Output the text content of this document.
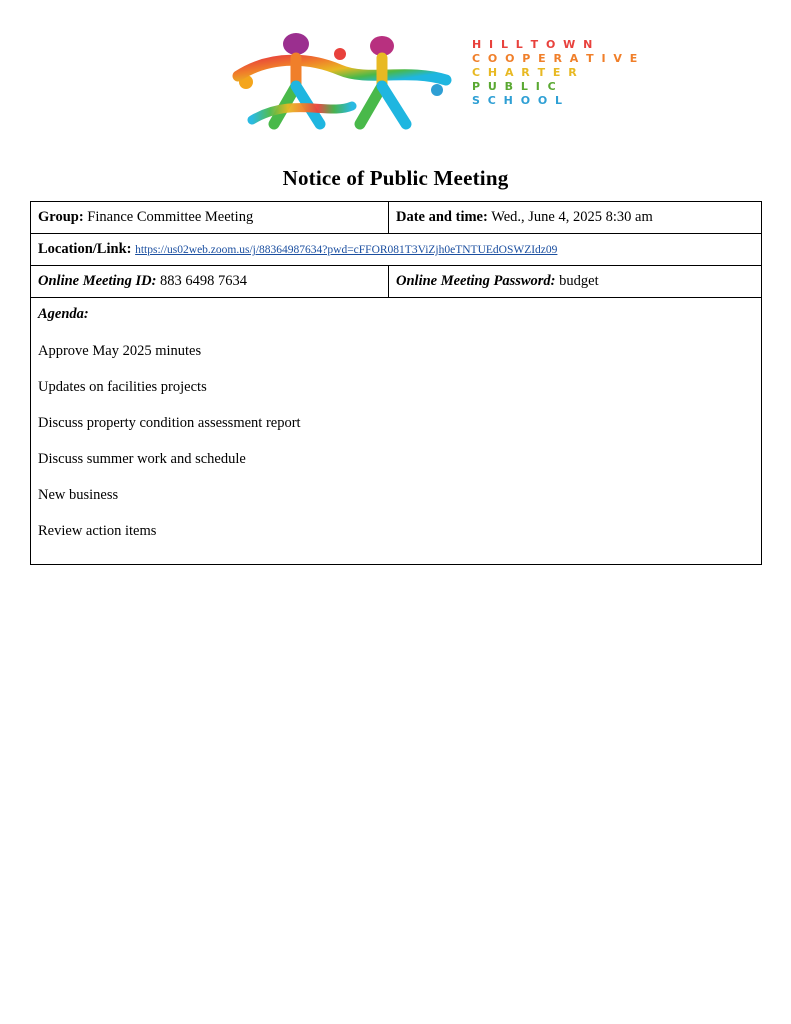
H I L L T O W N
C O O P E R A T I V E
C H A R T E R
P U B L I C
S C H O O L
Notice of Public Meeting
Group: Finance Committee Meeting	Date and time: Wed., June 4, 2025 8:30 am
Location/Link: https://us02web.zoom.us/j/88364987634?pwd=cFFOR081T3ViZjh0eTNTUEdOSWZIdz09	
Online Meeting ID: 883 6498 7634	Online Meeting Password: budget

Agenda:
Approve May 2025 minutes
Updates on facilities projects
Discuss property condition assessment report
Discuss summer work and schedule
New business
Review action items
